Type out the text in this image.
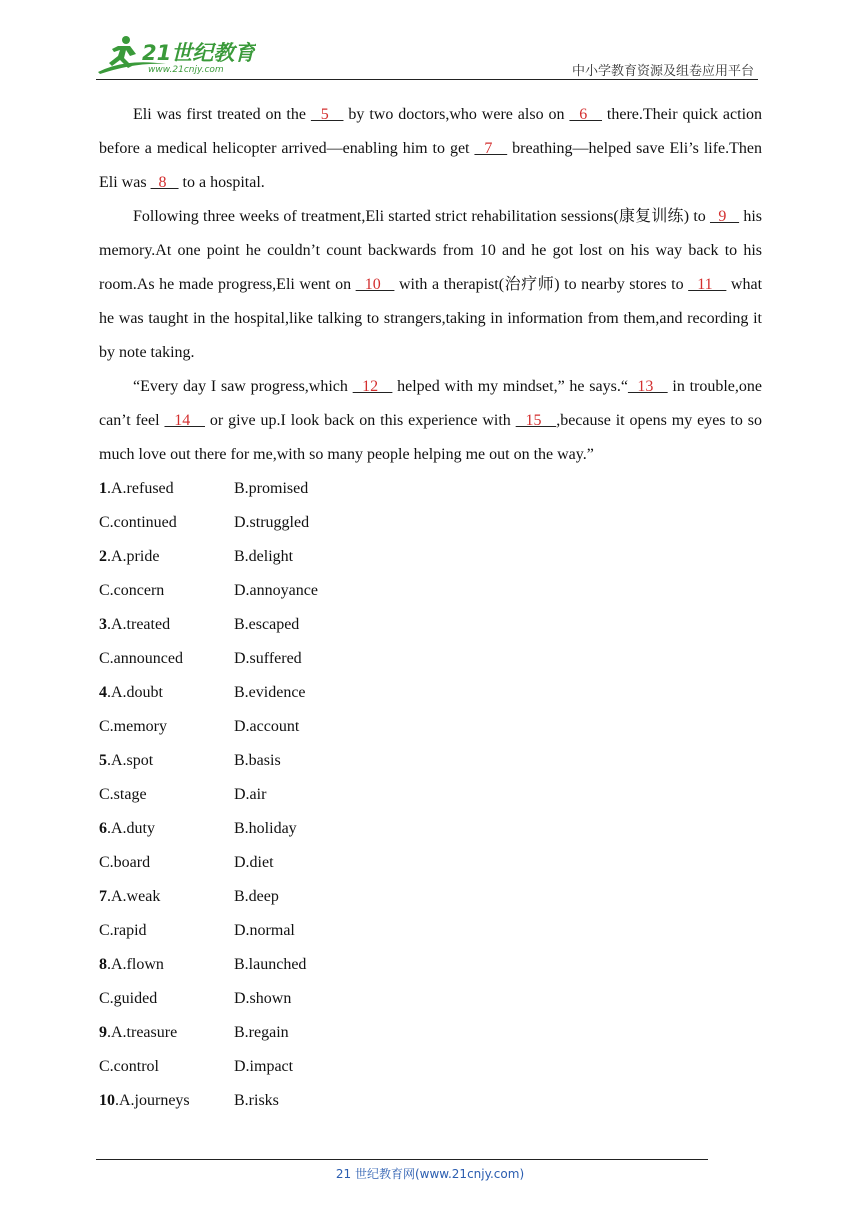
21世纪教育
www.21cnjy.com	中小学教育资源及组卷应用平台

Eli was first treated on the   5    by two doctors,who were also on   6    there.Their quick action before a medical helicopter arrived—enabling him to get   7    breathing—helped save Eli’s life.Then Eli was   8    to a hospital.

Following three weeks of treatment,Eli started strict rehabilitation sessions(康复训练) to   9    his memory.At one point he couldn’t count backwards from 10 and he got lost on his way back to his room.As he made progress,Eli went on   10    with a therapist(治疗师) to nearby stores to   11    what he was taught in the hospital,like talking to strangers,taking in information from them,and recording it by note taking.

“Every day I saw progress,which   12    helped with my mindset,” he says.“  13    in trouble,one can’t feel   14    or give up.I look back on this experience with   15   ,because it opens my eyes to so much love out there for me,with so many people helping me out on the way.”

1.A.refused	B.promised
C.continued	D.struggled
2.A.pride	B.delight
C.concern	D.annoyance
3.A.treated	B.escaped
C.announced	D.suffered
4.A.doubt	B.evidence
C.memory	D.account
5.A.spot	B.basis
C.stage	D.air
6.A.duty	B.holiday
C.board	D.diet
7.A.weak	B.deep
C.rapid	D.normal
8.A.flown	B.launched
C.guided	D.shown
9.A.treasure	B.regain
C.control	D.impact
10.A.journeys	B.risks
21 世纪教育网(www.21cnjy.com)
